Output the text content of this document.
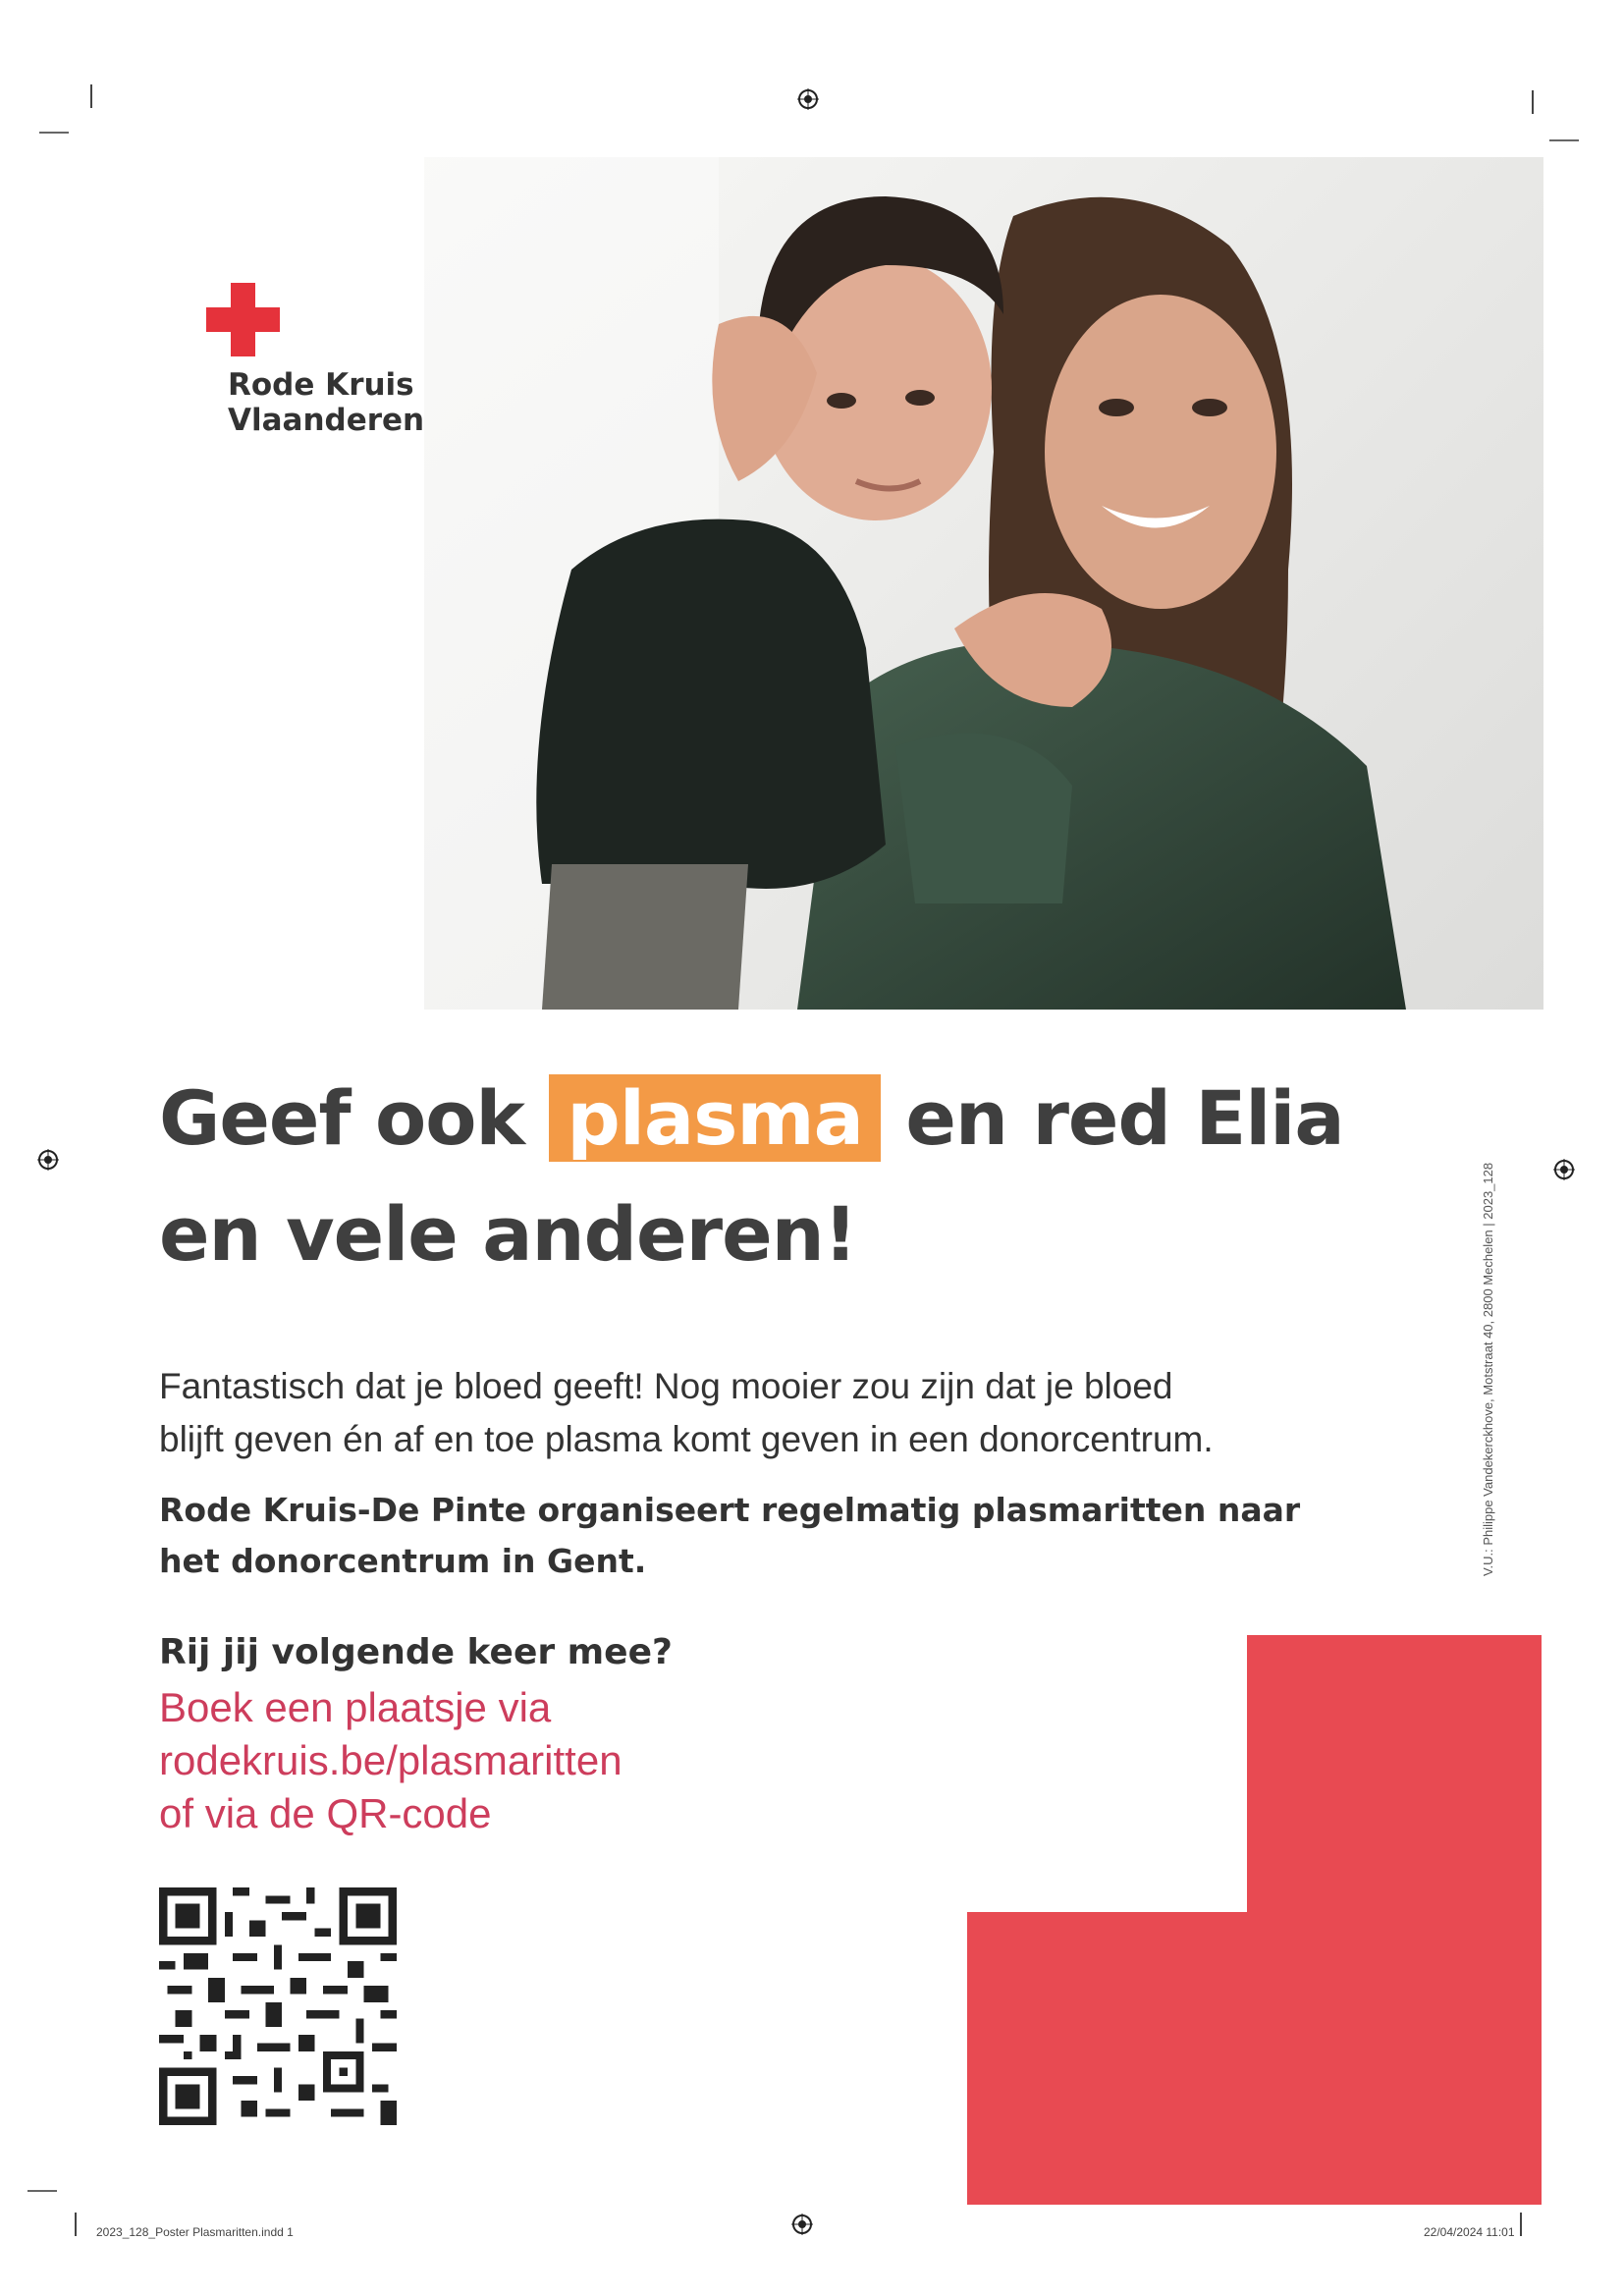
Rode Kruis
Vlaanderen
Geef ook plasma en red Elia
en vele anderen!
Fantastisch dat je bloed geeft! Nog mooier zou zijn dat je bloed
blijft geven én af en toe plasma komt geven in een donorcentrum.
Rode Kruis-De Pinte organiseert regelmatig plasmaritten naar
het donorcentrum in Gent.
Rij jij volgende keer mee?
Boek een plaatsje via
rodekruis.be/plasmaritten
of via de QR-code
V.U.: Philippe Vandekerckhove, Motstraat 40, 2800 Mechelen | 2023_128
2023_128_Poster Plasmaritten.indd 1	22/04/2024 11:01
